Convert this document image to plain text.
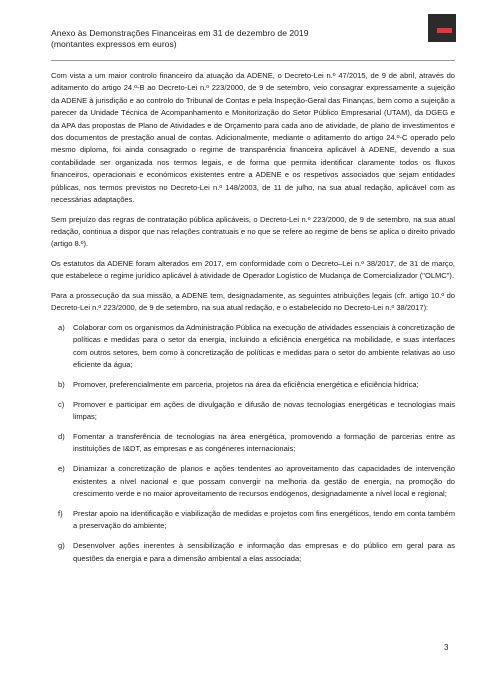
Anexo às Demonstrações Financeiras em 31 de dezembro de 2019
(montantes expressos em euros)

Com vista a um maior controlo financeiro da atuação da ADENE, o Decreto-Lei n.º 47/2015, de 9 de abril, através do aditamento do artigo 24.º-B ao Decreto-Lei n.º 223/2000, de 9 de setembro, veio consagrar expressamente a sujeição da ADENE à jurisdição e ao controlo do Tribunal de Contas e pela Inspeção-Geral das Finanças, bem como a sujeição a parecer da Unidade Técnica de Acompanhamento e Monitorização do Setor Público Empresarial (UTAM), da DGEG e da APA das propostas de Plano de Atividades e de Orçamento para cada ano de atividade, de plano de investimentos e dos documentos de prestação anual de contas. Adicionalmente, mediante o aditamento do artigo 24.º-C operado pelo mesmo diploma, foi ainda consagrado o regime de transparência financeira aplicável à ADENE, devendo a sua contabilidade ser organizada nos termos legais, e de forma que permita identificar claramente todos os fluxos financeiros, operacionais e económicos existentes entre a ADENE e os respetivos associados que sejam entidades públicas, nos termos previstos no Decreto-Lei n.º 148/2003, de 11 de julho, na sua atual redação, aplicável com as necessárias adaptações.

Sem prejuízo das regras de contratação pública aplicáveis, o Decreto-Lei n.º 223/2000, de 9 de setembro, na sua atual redação, continua a dispor que nas relações contratuais e no que se refere ao regime de bens se aplica o direito privado (artigo 8.º).

Os estatutos da ADENE foram alterados em 2017, em conformidade com o Decreto–Lei n.º 38/2017, de 31 de março, que estabelece o regime jurídico aplicável à atividade de Operador Logístico de Mudança de Comercializador ("OLMC").

Para a prossecução da sua missão, a ADENE tem, designadamente, as seguintes atribuições legais (cfr. artigo 10.º do Decreto-Lei n.º 223/2000, de 9 de setembro, na sua atual redação, e o estabelecido no Decreto-Lei n.º 38/2017):

a) Colaborar com os organismos da Administração Pública na execução de atividades essenciais à concretização de políticas e medidas para o setor da energia, incluindo a eficiência energética na mobilidade, e suas interfaces com outros setores, bem como à concretização de políticas e medidas para o setor do ambiente relativas ao uso eficiente da água;
b) Promover, preferencialmente em parceria, projetos na área da eficiência energética e eficiência hídrica;
c) Promover e participar em ações de divulgação e difusão de novas tecnologias energéticas e tecnologias mais limpas;
d) Fomentar a transferência de tecnologias na área energética, promovendo a formação de parcerias entre as instituições de I&DT, as empresas e as congéneres internacionais;
e) Dinamizar a concretização de planos e ações tendentes ao aproveitamento das capacidades de intervenção existentes a nível nacional e que possam convergir na melhoria da gestão de energia, na promoção do crescimento verde e no maior aproveitamento de recursos endógenos, designadamente a nível local e regional;
f) Prestar apoio na identificação e viabilização de medidas e projetos com fins energéticos, tendo em conta também a preservação do ambiente;
g) Desenvolver ações inerentes à sensibilização e informação das empresas e do público em geral para as questões da energia e para a dimensão ambiental a elas associada;
3
